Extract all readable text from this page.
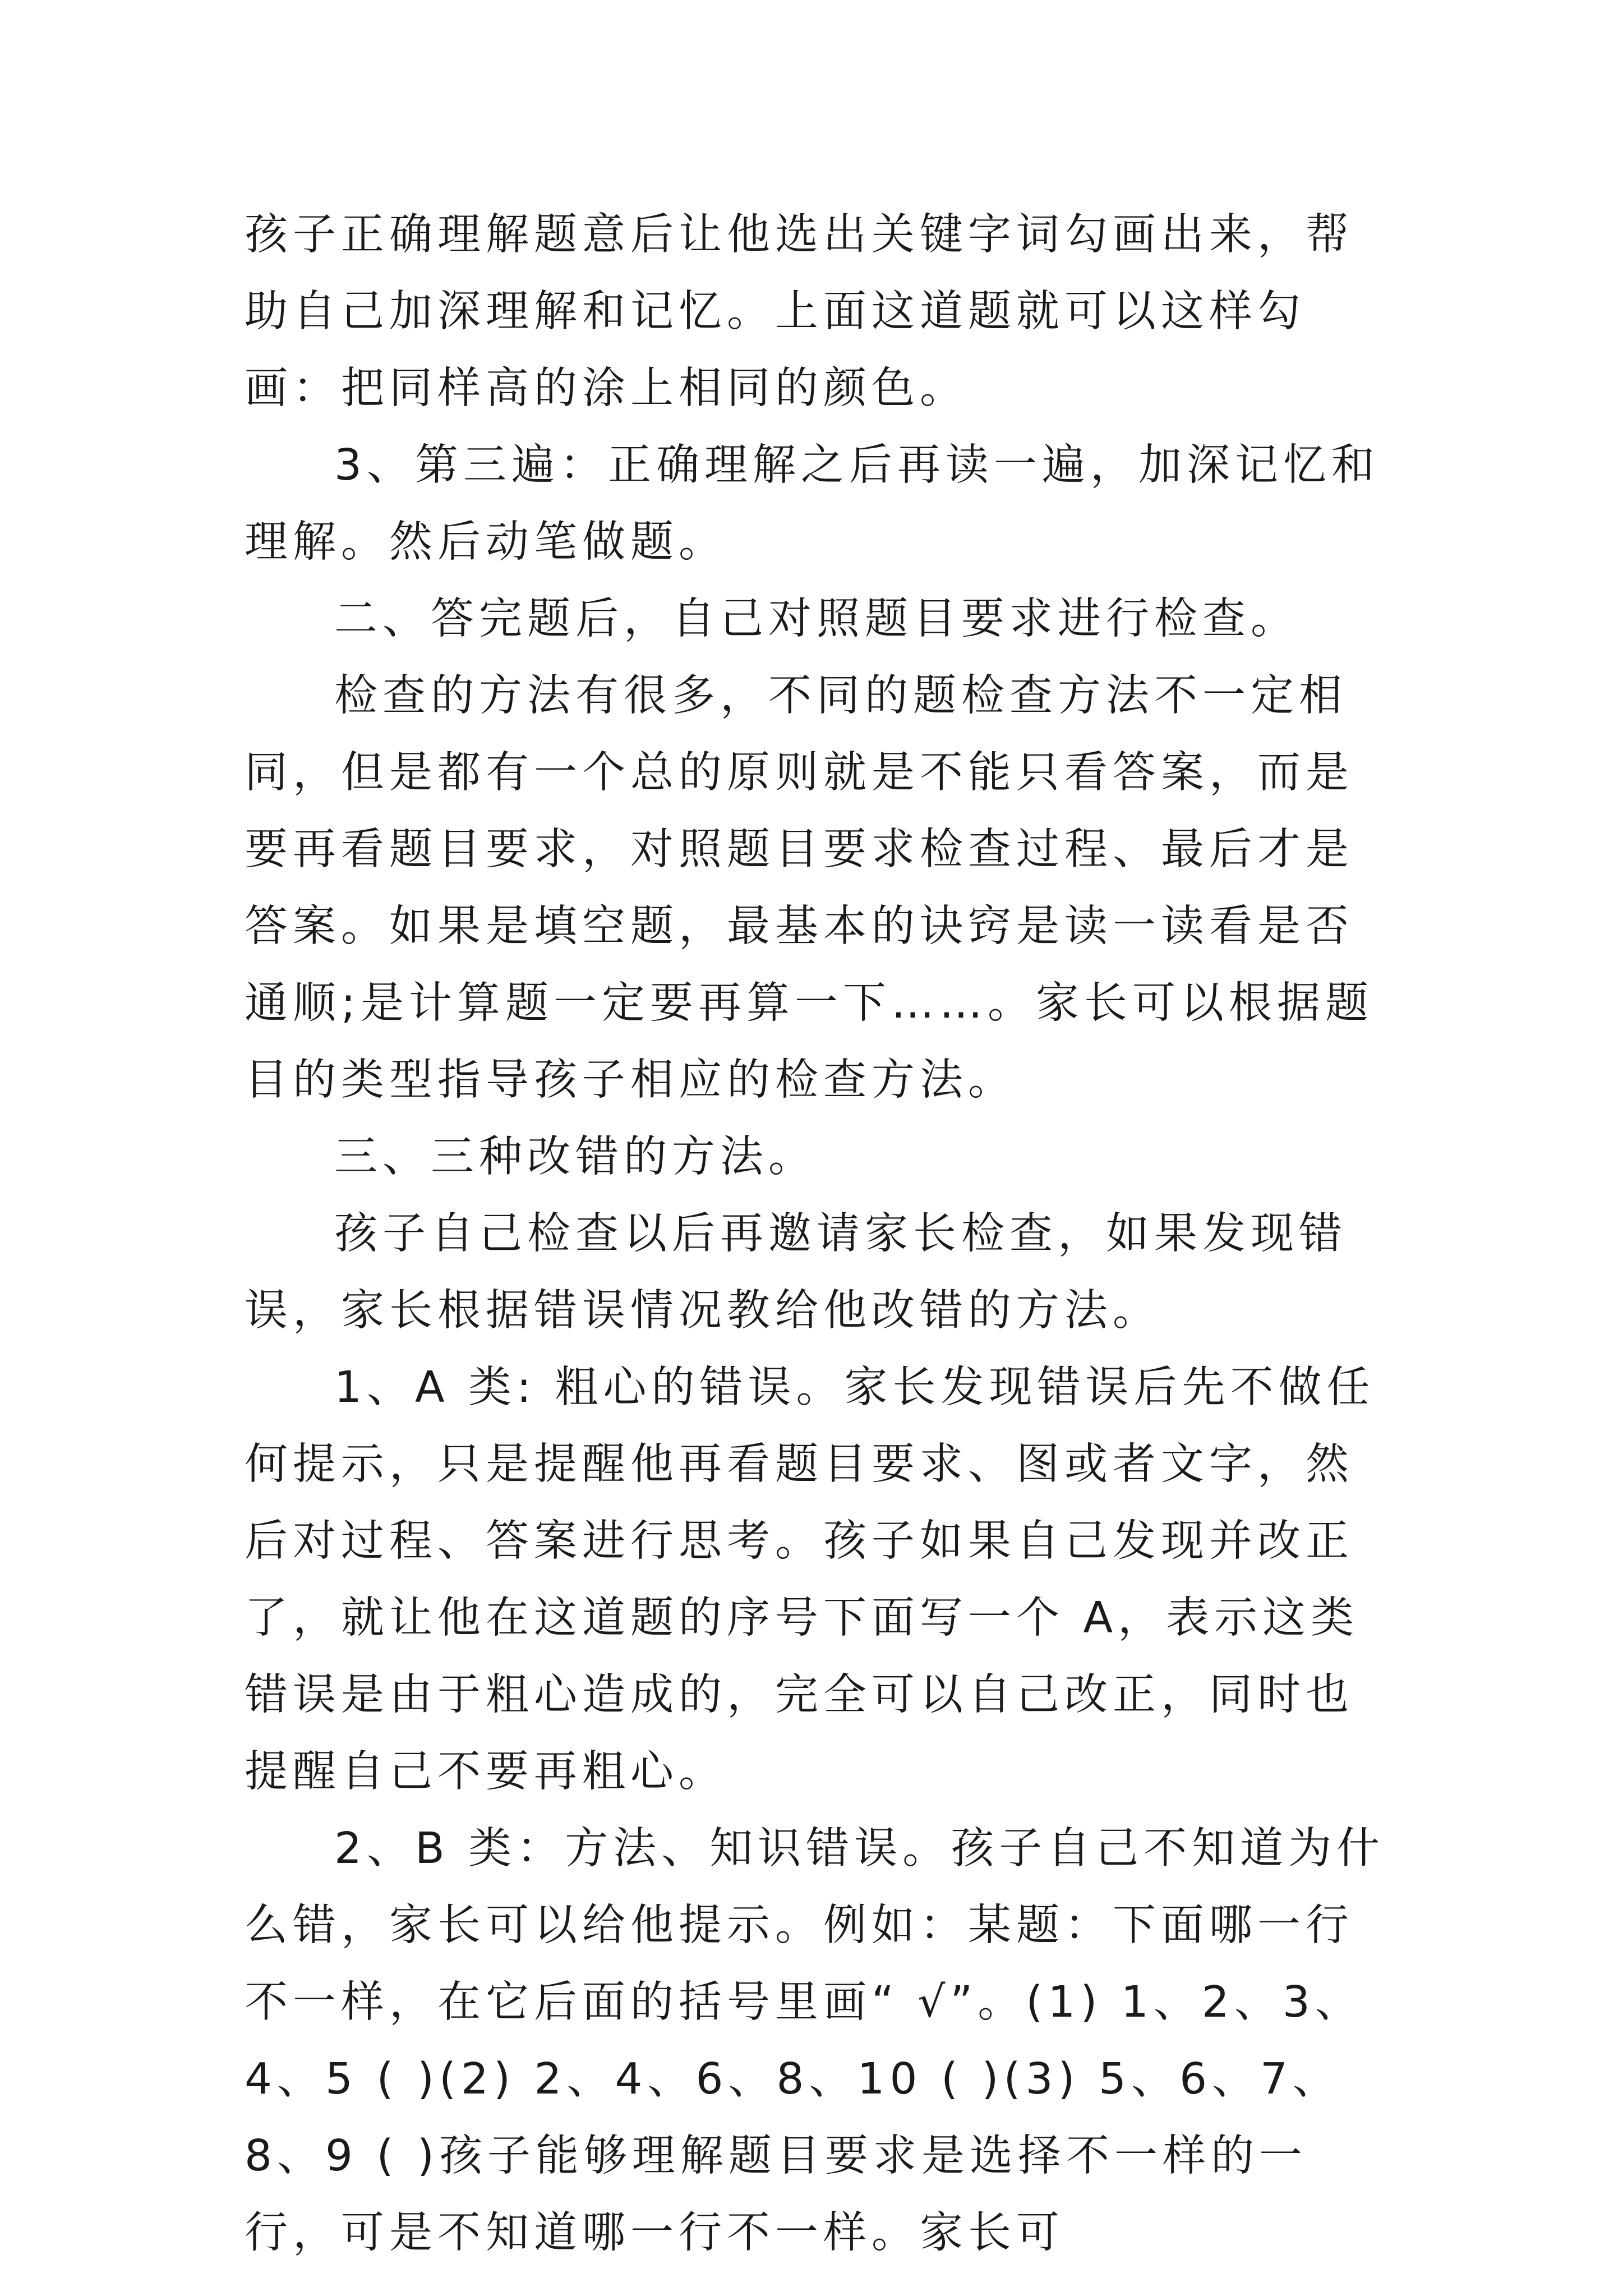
孩子正确理解题意后让他选出关键字词勾画出来，帮助自己加深理解和记忆。上面这道题就可以这样勾画：把同样高的涂上相同的颜色。

3、第三遍：正确理解之后再读一遍，加深记忆和理解。然后动笔做题。

二、答完题后，自己对照题目要求进行检查。

检查的方法有很多，不同的题检查方法不一定相同，但是都有一个总的原则就是不能只看答案，而是要再看题目要求，对照题目要求检查过程、最后才是答案。如果是填空题，最基本的诀窍是读一读看是否通顺;是计算题一定要再算一下……。家长可以根据题目的类型指导孩子相应的检查方法。

三、三种改错的方法。

孩子自己检查以后再邀请家长检查，如果发现错误，家长根据错误情况教给他改错的方法。

1、A 类: 粗心的错误。家长发现错误后先不做任何提示，只是提醒他再看题目要求、图或者文字，然后对过程、答案进行思考。孩子如果自己发现并改正了，就让他在这道题的序号下面写一个 A，表示这类错误是由于粗心造成的，完全可以自己改正，同时也提醒自己不要再粗心。

2、B 类：方法、知识错误。孩子自己不知道为什么错，家长可以给他提示。例如：某题：下面哪一行不一样，在它后面的括号里画“ √”。(1) 1、2、3、4、5 ( )(2) 2、4、6、8、10 ( )(3) 5、6、7、8、9 ( )孩子能够理解题目要求是选择不一样的一行，可是不知道哪一行不一样。家长可
